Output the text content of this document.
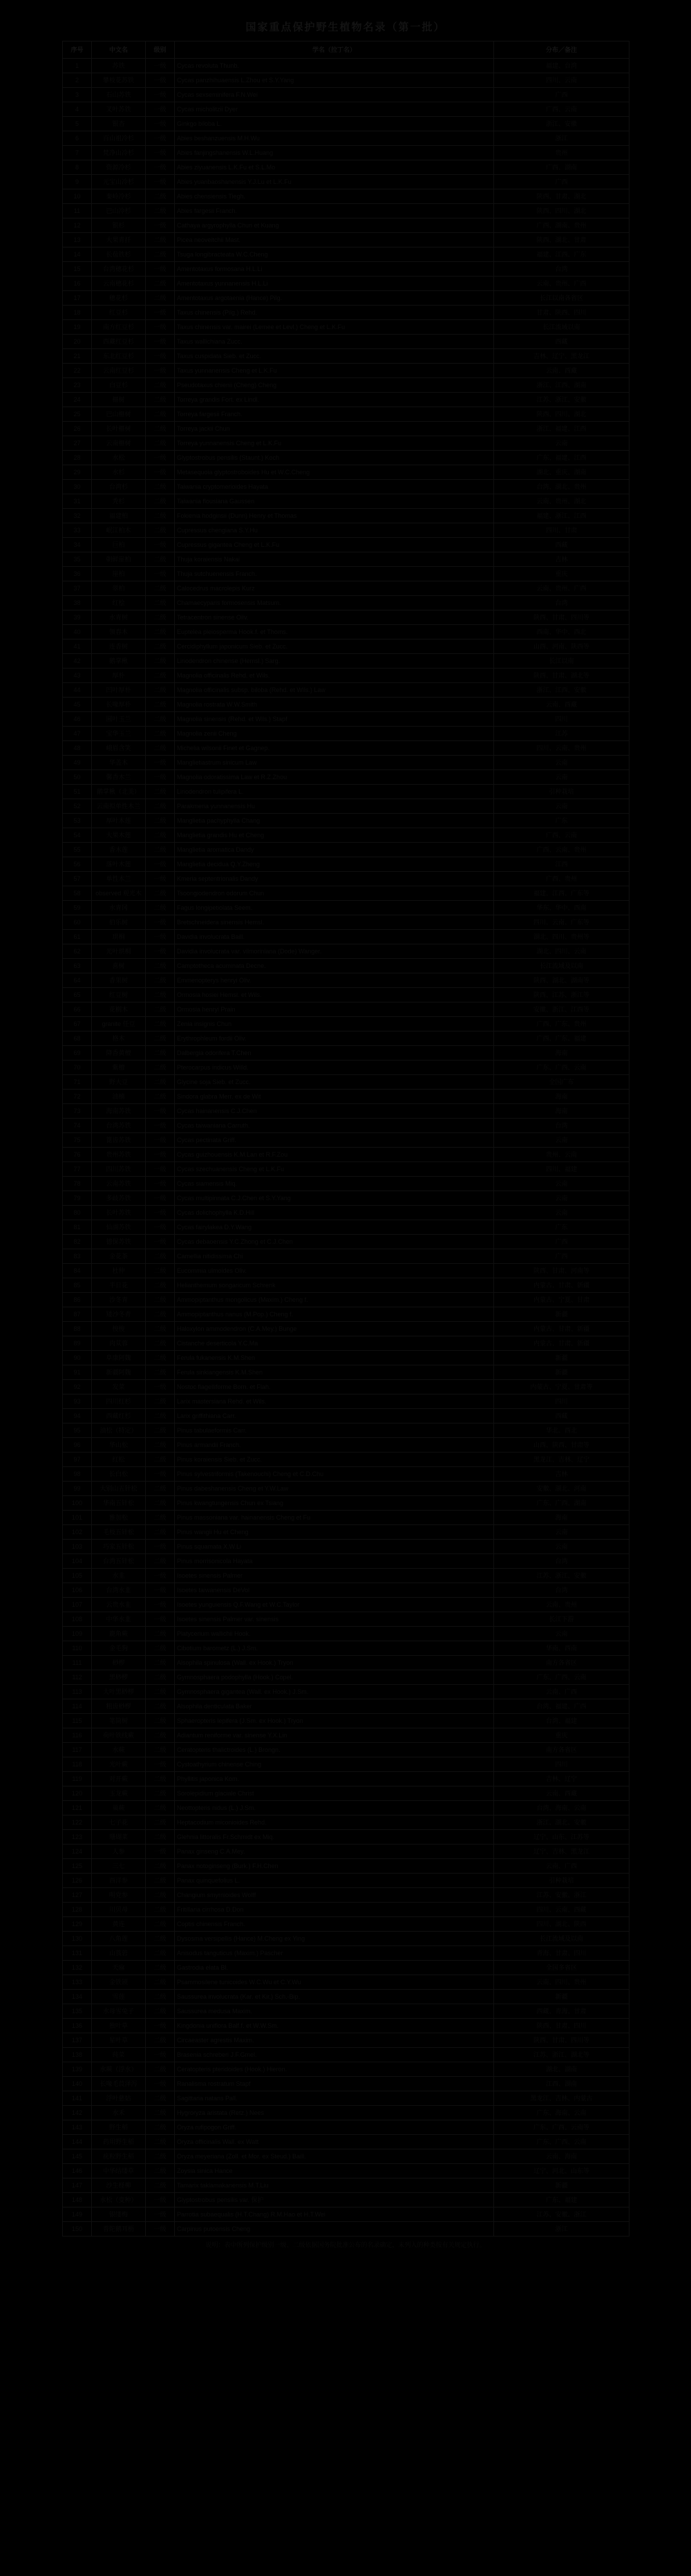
国家重点保护野生植物名录（第一批）
序号	中文名	级别	学名（拉丁名）	分布／备注
1	苏铁	一级	Cycas revoluta Thunb.	福建、台湾
2	攀枝花苏铁	一级	Cycas panzhihuaensis L.Zhou et S.Y.Yang	四川、云南
3	石山苏铁	一级	Cycas sexseminifera F.N.Wei	广西
4	叉叶苏铁	一级	Cycas micholitzii Dyer	广西、云南
5	银杏	一级	Ginkgo biloba L.	浙江、安徽
6	百山祖冷杉	一级	Abies beshanzuensis M.H.Wu	浙江
7	梵净山冷杉	一级	Abies fanjingshanensis W.L.Huang	贵州
8	资源冷杉	一级	Abies ziyuanensis L.K.Fu et S.L.Mo	广西、湖南
9	元宝山冷杉	一级	Abies yuanbaoshanensis Y.J.Lu et L.K.Fu	广西
10	秦岭冷杉	二级	Abies chensiensis Tiegh.	陕西、甘肃、湖北
11	巴山冷杉	二级	Abies fargesii Franch.	陕西、四川、湖北
12	银杉	一级	Cathaya argyrophylla Chun et Kuang	广西、湖南、贵州
13	大果青扦	二级	Picea neoveitchii Mast.	陕西、湖北、甘肃
14	长苞铁杉	二级	Tsuga longibracteata W.C.Cheng	福建、江西、广东
15	台湾穗花杉	一级	Amentotaxus formosana H.L.Li	台湾
16	云南穗花杉	二级	Amentotaxus yunnanensis H.L.Li	云南、贵州、广西
17	穗花杉	二级	Amentotaxus argotaenia (Hance) Pilg.	长江以南各省区
18	红豆杉	一级	Taxus chinensis (Pilg.) Rehd.	甘肃、陕西、四川
19	南方红豆杉	一级	Taxus chinensis var. mairei (Lemee et Levl.) Cheng et L.K.Fu	长江流域以南
20	西藏红豆杉	一级	Taxus wallichiana Zucc.	西藏
21	东北红豆杉	一级	Taxus cuspidata Sieb. et Zucc.	吉林、辽宁、黑龙江
22	云南红豆杉	一级	Taxus yunnanensis Cheng et L.K.Fu	云南、西藏
23	白豆杉	二级	Pseudotaxus chienii (Cheng) Cheng	浙江、江西、湖南
24	榧树	二级	Torreya grandis Fort. ex Lindl.	江苏、浙江、安徽
25	巴山榧树	二级	Torreya fargesii Franch.	陕西、四川、湖北
26	长叶榧树	二级	Torreya jackii Chun	浙江、福建、江西
27	云南榧树	二级	Torreya yunnanensis Cheng et L.K.Fu	云南
28	水松	一级	Glyptostrobus pensilis (Staunt.) Koch	广东、福建、江西
29	水杉	一级	Metasequoia glyptostroboides Hu et W.C.Cheng	湖北、重庆、湖南
30	台湾杉	二级	Taiwania cryptomerioides Hayata	台湾、湖北、贵州
31	秃杉	二级	Taiwania flousiana Gaussen	云南、贵州、湖北
32	福建柏	二级	Fokienia hodginsii (Dunn) Henry et Thomas	福建、浙江、江西
33	岷江柏木	二级	Cupressus chengiana S.Y.Hu	四川、甘肃
34	巨柏	一级	Cupressus gigantea Cheng et L.K.Fu	西藏
35	朝鲜崖柏	二级	Thuja koraiensis Nakai	吉林
36	崖柏	一级	Thuja sutchuenensis Franch.	重庆
37	翠柏	二级	Calocedrus macrolepis Kurz	云南、贵州、广西
38	红桧	二级	Chamaecyparis formosensis Matsum.	台湾
39	水青树	二级	Tetracentron sinense Oliv.	陕西、甘肃、四川等
40	领春木	二级	Euptelea pleiosperma Hook.f. et Thoms.	西南、华中、西北
41	连香树	二级	Cercidiphyllum japonicum Sieb. et Zucc.	山西、河南、陕西等
42	鹅掌楸	二级	Liriodendron chinense (Hemsl.) Sarg.	长江以南
43	厚朴	二级	Magnolia officinalis Rehd. et Wils.	陕西、甘肃、湖北等
44	凹叶厚朴	二级	Magnolia officinalis subsp. biloba (Rehd. et Wils.) Law	浙江、江西、安徽
45	长喙厚朴	二级	Magnolia rostrata W.W.Smith	云南、西藏
46	圆叶玉兰	二级	Magnolia sinensis (Rehd. et Wils.) Stapf	四川
47	宝华玉兰	二级	Magnolia zenii Cheng	江苏
48	峨眉含笑	二级	Michelia wilsonii Finet et Gagnep.	四川、云南、贵州
49	华盖木	一级	Manglietiastrum sinicum Law	云南
50	馨香木兰	一级	Magnolia odoratissima Law et R.Z.Zhou	云南
51	鹅掌楸（北美）	二级	Liriodendron tulipifera L.	引种栽培
52	云南拟单性木兰	二级	Parakmeria yunnanensis Hu	云南
53	厚叶木莲	二级	Manglietia pachyphylla Chang	广东
54	大果木莲	二级	Manglietia grandis Hu et Cheng	广西、云南
55	香木莲	二级	Manglietia aromatica Dandy	广西、云南、贵州
56	落叶木莲	一级	Manglietia decidua Q.Y.Zheng	江西
57	单性木兰	一级	Kmeria septentrionalis Dandy	广西、贵州
58	observed 观光木	二级	Tsoongiodendron odorum Chun	福建、江西、广东等
59	水青冈	二级	Fagus longipetiolata Seem.	华东、华中、西南
60	伯乐树	一级	Bretschneidera sinensis Hemsl.	四川、云南、广东等
61	珙桐	一级	Davidia involucrata Baill.	湖北、四川、贵州等
62	光叶珙桐	一级	Davidia involucrata var. vilmoriniana (Dode) Wanger.	湖北、四川、云南
63	喜树	二级	Camptotheca acuminata Decne.	长江流域及以南
64	香果树	二级	Emmenopterys henryi Oliv.	陕西、湖北、湖南等
65	红豆树	二级	Ormosia hosiei Hemsl. et Wils.	陕西、江苏、浙江等
66	花榈木	二级	Ormosia henryi Prain	安徽、浙江、江西等
67	granite 任豆	二级	Zenia insignis Chun	广西、广东、贵州
68	格木	二级	Erythrophleum fordii Oliv.	广西、广东、福建
69	降香黄檀	二级	Dalbergia odorifera T.Chen	海南
70	紫檀	二级	Pterocarpus indicus Willd.	广东、广西、云南
71	野大豆	二级	Glycine soja Sieb. et Zucc.	全国广布
72	油楠	二级	Sindora glabra Merr. ex de Wit	海南
73	海南苏铁	一级	Cycas hainanensis C.J.Chen	海南
74	台湾苏铁	一级	Cycas taiwaniana Carruth.	台湾
75	篦齿苏铁	一级	Cycas pectinata Griff.	云南
76	贵州苏铁	一级	Cycas guizhouensis K.M.Lan et R.F.Zou	贵州、云南
77	四川苏铁	一级	Cycas szechuanensis Cheng et L.K.Fu	四川、福建
78	云南苏铁	一级	Cycas siamensis Miq.	云南
79	多歧苏铁	一级	Cycas multipinnata C.J.Chen et S.Y.Yang	云南
80	长叶苏铁	一级	Cycas dolichophylla K.D.Hill	云南
81	仙湖苏铁	一级	Cycas fairylakea D.Y.Wang	广东
82	德保苏铁	一级	Cycas debaoensis Y.C.Zhong et C.J.Chen	广西
83	金花茶	二级	Camellia nitidissima Chi	广西
84	杜仲	二级	Eucommia ulmoides Oliv.	陕西、甘肃、河南等
85	半日花	二级	Helianthemum songaricum Schrenk	内蒙古、甘肃、新疆
86	沙冬青	二级	Ammopiptanthus mongolicus (Maxim.) Cheng f.	内蒙古、宁夏、甘肃
87	矮沙冬青	二级	Ammopiptanthus nanus (M.Pop.) Cheng f.	新疆
88	梭梭	二级	Haloxylon ammodendron (C.A.Mey.) Bunge	内蒙古、甘肃、新疆
89	肉苁蓉	二级	Cistanche deserticola Y.C.Ma	内蒙古、甘肃、新疆
90	阜康阿魏	二级	Ferula fukanensis K.M.Shen	新疆
91	新疆阿魏	二级	Ferula sinkiangensis K.M.Shen	新疆
92	发菜	一级	Nostoc flagelliforme Born. et Flah.	内蒙古、宁夏、甘肃等
93	四川红杉	二级	Larix mastersiana Rehd. et Wils.	四川
94	西藏红杉	二级	Larix griffithiana Carr.	西藏
95	油松（特定）	二级	Pinus tabulaeformis Carr.	华北、西北
96	华山松	二级	Pinus armandii Franch.	山西、陕西、甘肃等
97	红松	二级	Pinus koraiensis Sieb. et Zucc.	黑龙江、吉林、辽宁
98	长白松	一级	Pinus sylvestriformis (Takenouchi) Cheng et C.D.Chu	吉林
99	大别山五针松	二级	Pinus dabeshanensis Cheng et Y.W.Law	安徽、湖北、河南
100	华南五针松	二级	Pinus kwangtungensis Chun ex Tsiang	广东、广西、湖南
101	雅加松	二级	Pinus massoniana var. hainanensis Cheng et Fu	海南
102	毛枝五针松	二级	Pinus wangii Hu et Cheng	云南
103	巧家五针松	一级	Pinus squamata X.W.Li	云南
104	台湾五针松	二级	Pinus morrisonicola Hayata	台湾
105	水韭	一级	Isoetes sinensis Palmer	江苏、浙江、安徽
106	台湾水韭	一级	Isoetes taiwanensis DeVol	台湾
107	云贵水韭	一级	Isoetes yunguiensis Q.F.Wang et W.C.Taylor	云南、贵州
108	中华水韭	一级	Isoetes sinensis Palmer var. sinensis	长江下游
109	鹿角蕨	二级	Platycerium wallichii Hook.	云南
110	金毛狗	二级	Cibotium barometz (L.) J.Sm.	华南、西南
111	桫椤	二级	Alsophila spinulosa (Wall. ex Hook.) Tryon	南方各省区
112	黑桫椤	二级	Gymnosphaera podophylla (Hook.) Copel.	广东、广西、云南
113	大叶黑桫椤	二级	Gymnosphaera gigantea (Wall. ex Hook.) J.Sm.	云南、广西
114	粗齿桫椤	二级	Alsophila denticulata Baker	台湾、福建、广西
115	笔筒树	二级	Sphaeropteris lepifera (J.Sm. ex Hook.) Tryon	台湾、福建
116	荷叶铁线蕨	二级	Adiantum reniforme var. sinense Y.X.Lin	重庆
117	水蕨	二级	Ceratopteris thalictroides (L.) Brongn.	南方各省区
118	光叶蕨	一级	Cystoathyrium chinense Ching	四川
119	对开蕨	二级	Phyllitis japonica Kom.	吉林、辽宁
120	玉龙蕨	二级	Sorolepidium glaciale Christ	云南、西藏
121	巢蕨	二级	Neottopteris nidus (L.) J.Sm.	台湾、海南、云南
122	七子花	二级	Heptacodium miconioides Rehd.	浙江、湖北、安徽
123	珊瑚菜	二级	Glehnia littoralis Fr.Schmidt ex Miq.	辽宁、山东、江苏等
124	人参	一级	Panax ginseng C.A.Mey.	辽宁、吉林、黑龙江
125	三七	二级	Panax notoginseng (Burk.) F.H.Chen	云南、广西
126	西洋参	二级	Panax quinquefolius L.	引种栽培
127	明党参	二级	Changium smyrnioides Wolff	江苏、安徽、浙江
128	川贝母	二级	Fritillaria cirrhosa D.Don	四川、云南、西藏
129	黄连	二级	Coptis chinensis Franch.	四川、湖北、陕西
130	八角莲	二级	Dysosma versipellis (Hance) M.Cheng ex Ying	长江流域及以南
131	山莨菪	二级	Anisodus tanguticus (Maxim.) Pascher	青海、甘肃、四川
132	天麻	二级	Gastrodia elata Bl.	全国多省区
133	金铁锁	二级	Psammosilene tunicoides W.C.Wu et C.Y.Wu	云南、四川、贵州
134	雪莲	二级	Saussurea involucrata (Kar. et Kir.) Sch.-Bip.	新疆
135	水母雪兔子	二级	Saussurea medusa Maxim.	西藏、青海、甘肃
136	独叶草	一级	Kingdonia uniflora Balf.f. et W.W.Sm.	陕西、甘肃、四川
137	星叶草	二级	Circaeaster agrestis Maxim.	陕西、甘肃、四川等
138	莼菜	一级	Brasenia schreberi J.F.Gmel.	江苏、浙江、湖北等
139	水蕨（浮水）	二级	Ceratopteris pteridoides (Hook.) Hieron.	湖北、湖南
140	长喙毛茛泽泻	一级	Ranalisma rostratum Stapf	江西、湖南
141	浮叶慈姑	二级	Sagittaria natans Pall.	黑龙江、吉林、内蒙古
142	水禾	二级	Hygroryza aristata (Retz.) Nees	广东、海南、云南
143	野生稻	二级	Oryza rufipogon Griff.	广东、广西、云南等
144	药用野生稻	二级	Oryza officinalis Wall. ex Watt	广东、广西、云南
145	疣粒野生稻	二级	Oryza meyeriana (Zoll. et Mor. ex Steud.) Baill.	云南、海南
146	中华结缕草	二级	Zoysia sinica Hance	辽宁、河北、山东等
147	沙生柽柳	二级	Tamarix taklamakanensis M.T.Liu	新疆
148	水松（变种）	一级	Glyptostrobus pensilis var. 保护	广东、福建
149	银缕梅	一级	Parrotia subaequalis (H.T.Chang) R.M.Hao et H.T.Wei	江苏、安徽、浙江
150	普陀鹅耳枥	一级	Carpinus putoensis Cheng	浙江
说明：表中所列保护级别一级、二级依据国务院批准公布的名录确定，未列入的种类按有关规定执行。
